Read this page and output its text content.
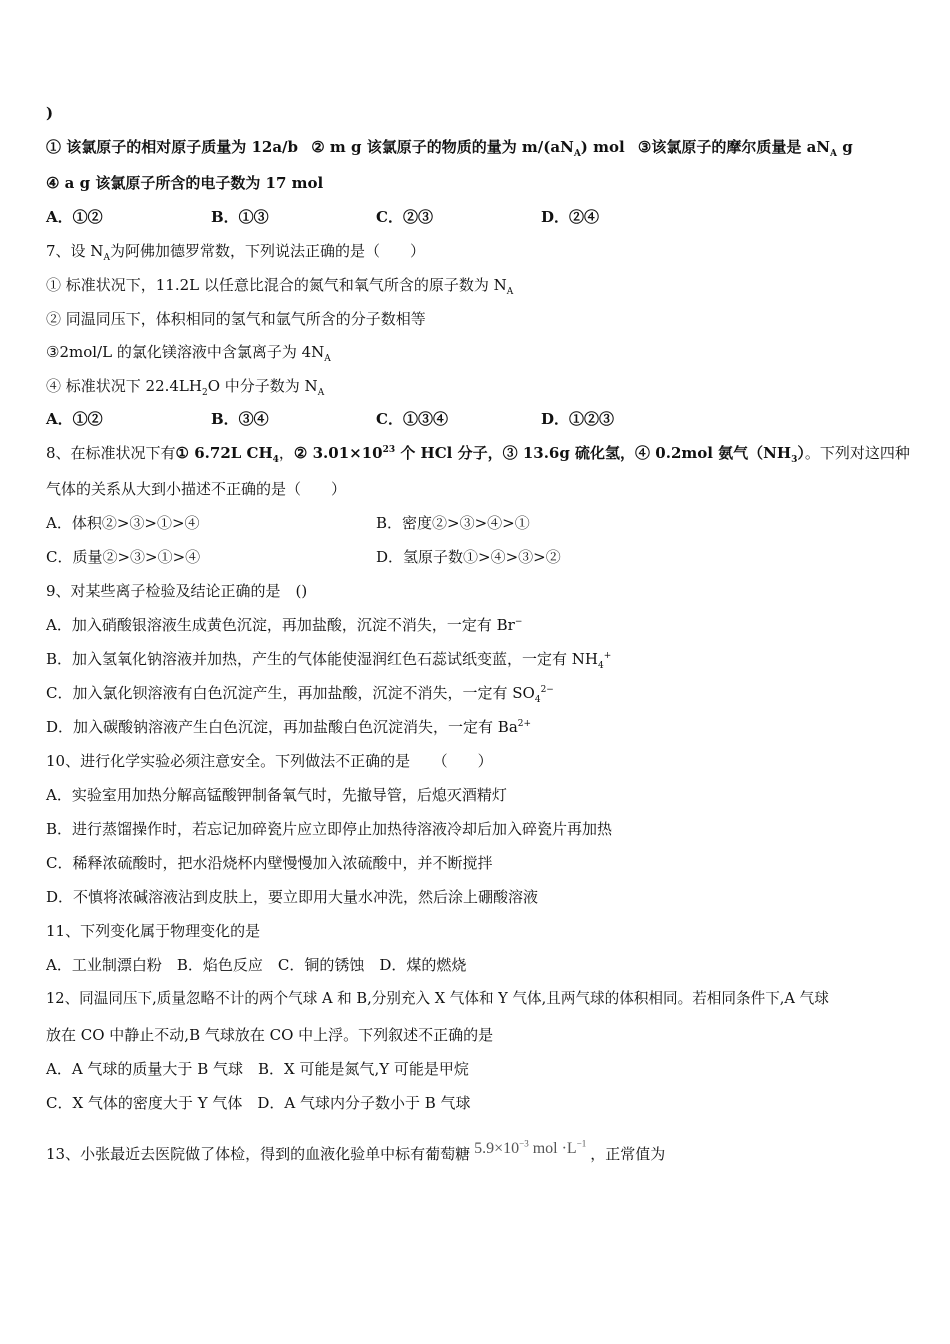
)
① 该氯原子的相对原子质量为 12a/b ② m g 该氯原子的物质的量为 $m/(aN_A)$ mol ③该氯原子的摩尔质量是 $aN_A$ g
④ a g 该氯原子所含的电子数为 17 mol
A．①②	B．①③	C．②③	D．②④
7、设 $N_A$为阿佛加德罗常数，下列说法正确的是（　　）
① 标准状况下，11.2L 以任意比混合的氮气和氧气所含的原子数为 $N_A$
② 同温同压下，体积相同的氢气和氩气所含的分子数相等
③2mol/L 的氯化镁溶液中含氯离子为 $4N_A$
④ 标准状况下 $22.4LH_2O$ 中分子数为 $N_A$
A．①②	B．③④	C．①③④	D．①②③
8、在标准状况下有① 6.72L $CH_4$，② $3.01\times 10^{23}$ 个 HCl 分子，③ 13.6g 硫化氢，④ 0.2mol 氨气$(NH_3)$。下列对这四种
气体的关系从大到小描述不正确的是（　　）
A．体积②>③>①>④	B．密度②>③>④>①
C．质量②>③>①>④	D．氢原子数①>④>③>②
9、对某些离子检验及结论正确的是　()
A．加入硝酸银溶液生成黄色沉淀，再加盐酸，沉淀不消失，一定有 Br−
B．加入氢氧化钠溶液并加热，产生的气体能使湿润红色石蕊试纸变蓝，一定有 $NH_4^+$
C．加入氯化钡溶液有白色沉淀产生，再加盐酸，沉淀不消失，一定有 $SO_4^{2-}$
D．加入碳酸钠溶液产生白色沉淀，再加盐酸白色沉淀消失，一定有 $Ba^{2+}$
10、进行化学实验必须注意安全。下列做法不正确的是　　（　　）
A．实验室用加热分解高锰酸钾制备氧气时，先撤导管，后熄灭酒精灯
B．进行蒸馏操作时，若忘记加碎瓷片应立即停止加热待溶液冷却后加入碎瓷片再加热
C．稀释浓硫酸时，把水沿烧杯内壁慢慢加入浓硫酸中，并不断搅拌
D．不慎将浓碱溶液沾到皮肤上，要立即用大量水冲洗，然后涂上硼酸溶液
11、下列变化属于物理变化的是
A．工业制漂白粉　B．焰色反应　C．铜的锈蚀　D．煤的燃烧
12、同温同压下,质量忽略不计的两个气球 A 和 B,分别充入 X 气体和 Y 气体,且两气球的体积相同。若相同条件下,A 气球
放在 CO 中静止不动,B 气球放在 CO 中上浮。下列叙述不正确的是
A．A 气球的质量大于 B 气球　B．X 可能是氮气,Y 可能是甲烷
C．X 气体的密度大于 Y 气体　D．A 气球内分子数小于 B 气球
13、小张最近去医院做了体检，得到的血液化验单中标有葡萄糖 $5.9\times 10^{-3}$ mol $\cdot L^{-1}$，正常值为
